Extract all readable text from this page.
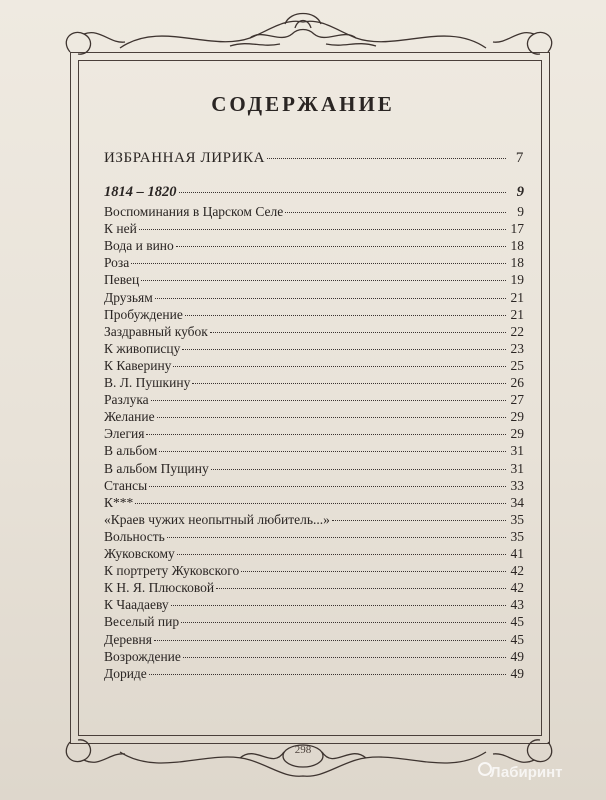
СОДЕРЖАНИЕ
ИЗБРАННАЯ ЛИРИКА	7
1814 – 1820	9
Воспоминания в Царском Селе	9
К ней	17
Вода и вино	18
Роза	18
Певец	19
Друзьям	21
Пробуждение	21
Заздравный кубок	22
К живописцу	23
К Каверину	25
В. Л. Пушкину	26
Разлука	27
Желание	29
Элегия	29
В альбом	31
В альбом Пущину	31
Стансы	33
К***	34
«Краев чужих неопытный любитель...»	35
Вольность	35
Жуковскому	41
К портрету Жуковского	42
К Н. Я. Плюсковой	42
К Чаадаеву	43
Веселый пир	45
Деревня	45
Возрождение	49
Дориде	49
298
Лабиринт
